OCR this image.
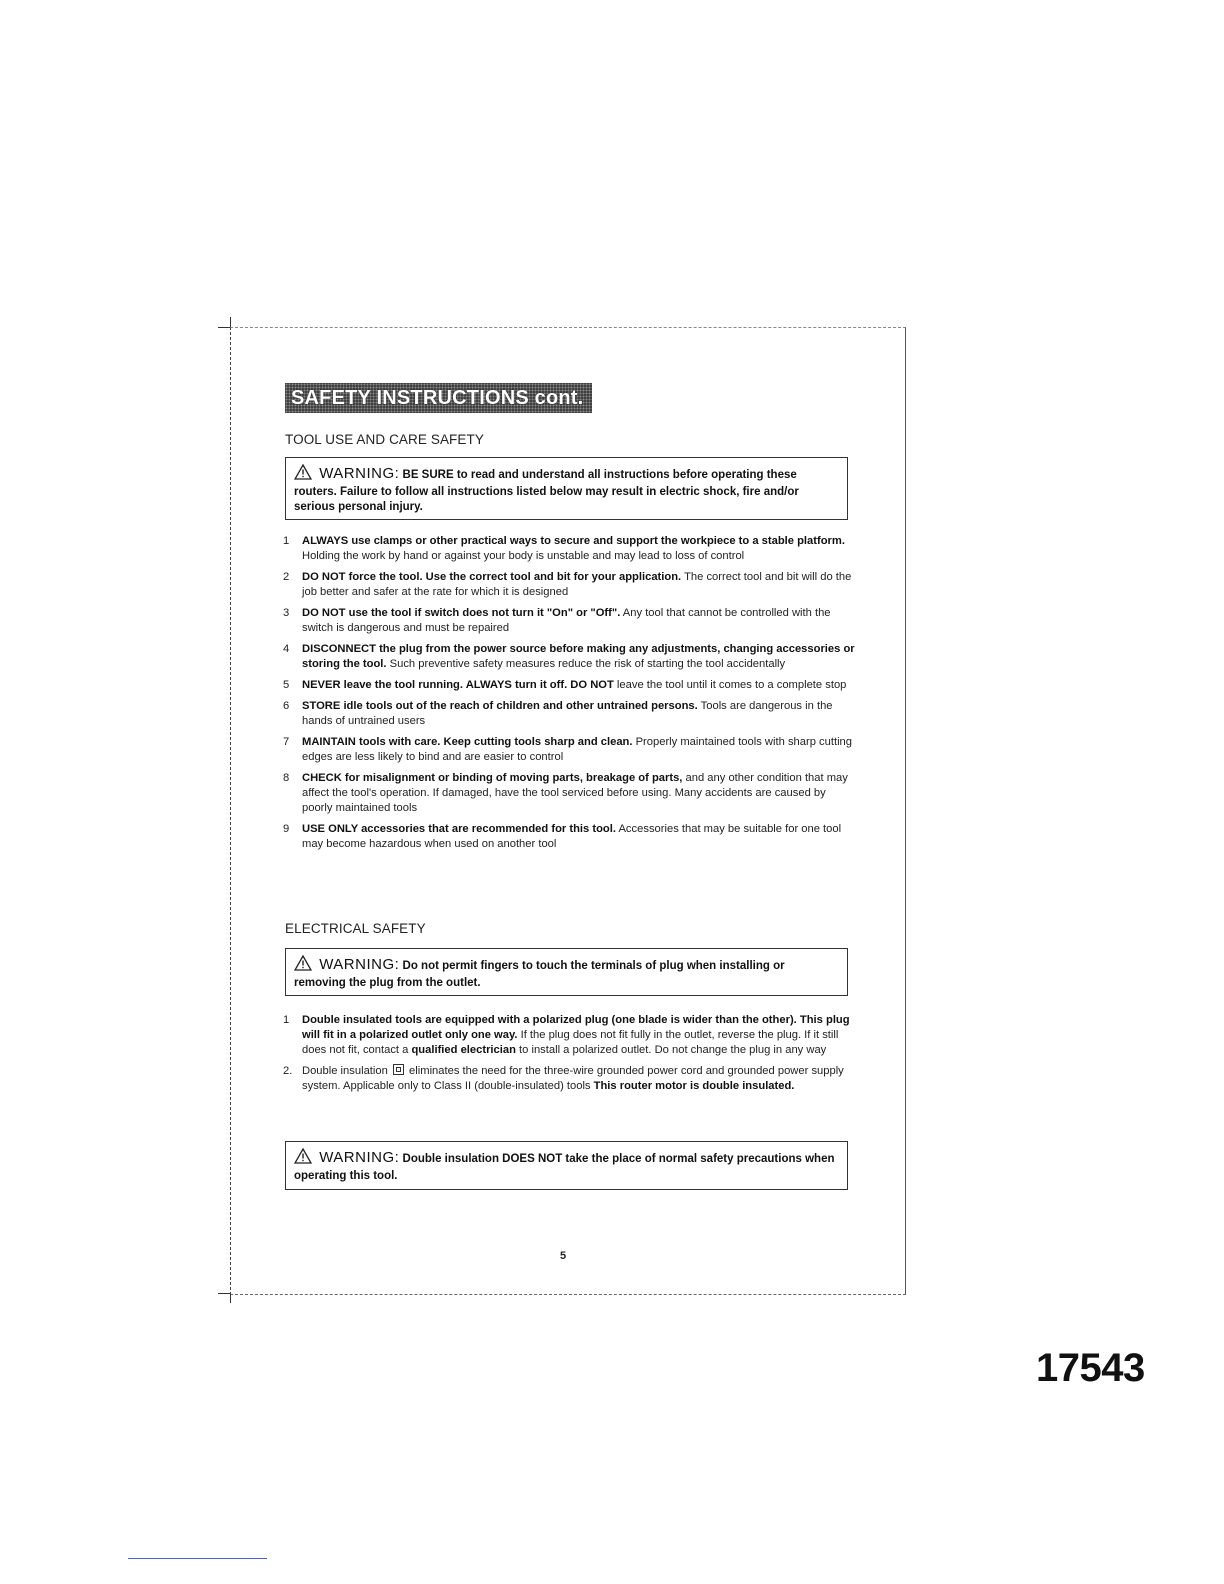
SAFETY INSTRUCTIONS cont.
TOOL USE AND CARE SAFETY
WARNING: BE SURE to read and understand all instructions before operating these routers. Failure to follow all instructions listed below may result in electric shock, fire and/or serious personal injury.
1 ALWAYS use clamps or other practical ways to secure and support the workpiece to a stable platform. Holding the work by hand or against your body is unstable and may lead to loss of control
2 DO NOT force the tool. Use the correct tool and bit for your application. The correct tool and bit will do the job better and safer at the rate for which it is designed
3 DO NOT use the tool if switch does not turn it "On" or "Off". Any tool that cannot be controlled with the switch is dangerous and must be repaired
4 DISCONNECT the plug from the power source before making any adjustments, changing accessories or storing the tool. Such preventive safety measures reduce the risk of starting the tool accidentally
5 NEVER leave the tool running. ALWAYS turn it off. DO NOT leave the tool until it comes to a complete stop
6 STORE idle tools out of the reach of children and other untrained persons. Tools are dangerous in the hands of untrained users
7 MAINTAIN tools with care. Keep cutting tools sharp and clean. Properly maintained tools with sharp cutting edges are less likely to bind and are easier to control
8 CHECK for misalignment or binding of moving parts, breakage of parts, and any other condition that may affect the tool's operation. If damaged, have the tool serviced before using. Many accidents are caused by poorly maintained tools
9 USE ONLY accessories that are recommended for this tool. Accessories that may be suitable for one tool may become hazardous when used on another tool
ELECTRICAL SAFETY
WARNING: Do not permit fingers to touch the terminals of plug when installing or removing the plug from the outlet.
1 Double insulated tools are equipped with a polarized plug (one blade is wider than the other). This plug will fit in a polarized outlet only one way. If the plug does not fit fully in the outlet, reverse the plug. If it still does not fit, contact a qualified electrician to install a polarized outlet. Do not change the plug in any way
2. Double insulation  eliminates the need for the three-wire grounded power cord and grounded power supply system. Applicable only to Class II (double-insulated) tools This router motor is double insulated.
WARNING: Double insulation DOES NOT take the place of normal safety precautions when operating this tool.
5
17543
